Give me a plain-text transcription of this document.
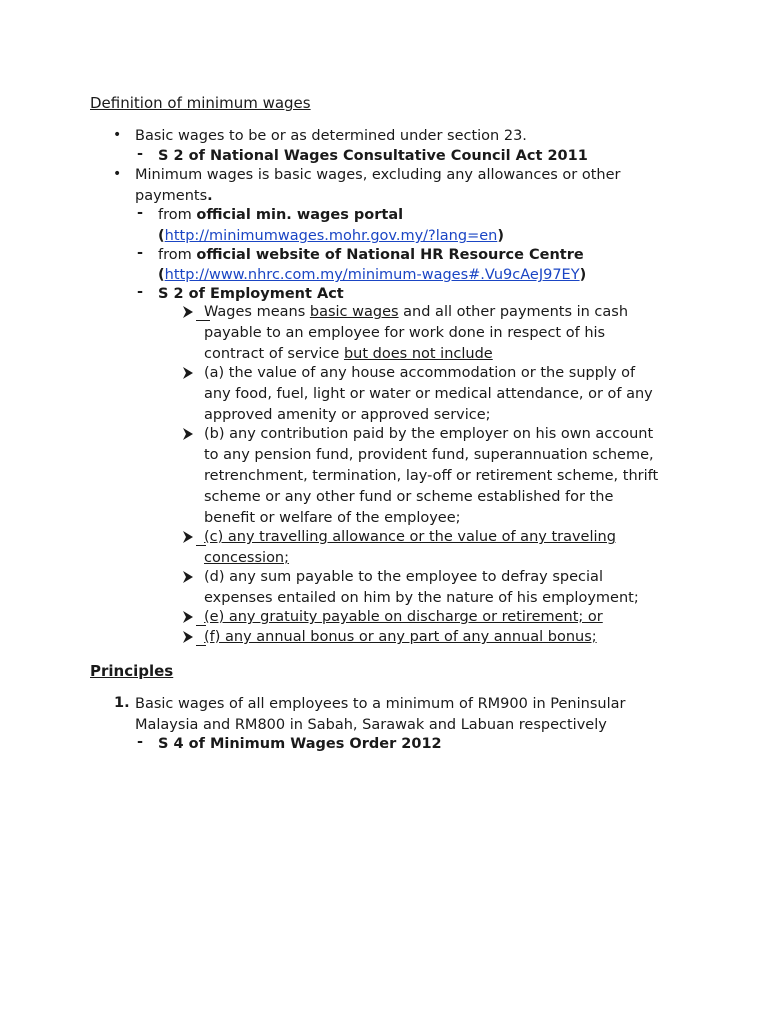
Definition of minimum wages
• Basic wages to be or as determined under section 23.
- S 2 of National Wages Consultative Council Act 2011
• Minimum wages is basic wages, excluding any allowances or other
payments.
- from official min. wages portal
(http://minimumwages.mohr.gov.my/?lang=en)
- from official website of National HR Resource Centre
(http://www.nhrc.com.my/minimum-wages#.Vu9cAeJ97EY)
- S 2 of Employment Act
Wages means basic wages and all other payments in cash
payable to an employee for work done in respect of his
contract of service but does not include
(a) the value of any house accommodation or the supply of
any food, fuel, light or water or medical attendance, or of any
approved amenity or approved service;
(b) any contribution paid by the employer on his own account
to any pension fund, provident fund, superannuation scheme,
retrenchment, termination, lay-off or retirement scheme, thrift
scheme or any other fund or scheme established for the
benefit or welfare of the employee;
(c) any travelling allowance or the value of any traveling
concession;
(d) any sum payable to the employee to defray special
expenses entailed on him by the nature of his employment;
(e) any gratuity payable on discharge or retirement; or
(f) any annual bonus or any part of any annual bonus;
Principles
1. Basic wages of all employees to a minimum of RM900 in Peninsular
Malaysia and RM800 in Sabah, Sarawak and Labuan respectively
- S 4 of Minimum Wages Order 2012
